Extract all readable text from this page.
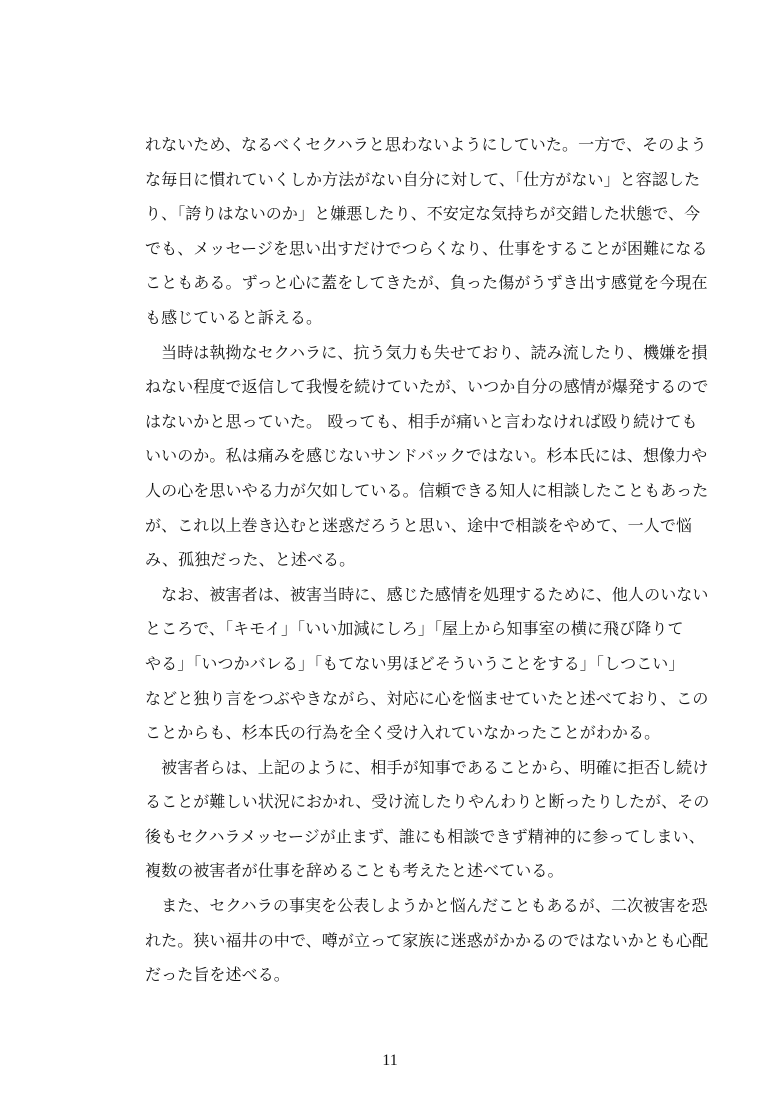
れないため、なるべくセクハラと思わないようにしていた。一方で、そのよう
な毎日に慣れていくしか方法がない自分に対して、「仕方がない」と容認した
り、「誇りはないのか」と嫌悪したり、不安定な気持ちが交錯した状態で、今
でも、メッセージを思い出すだけでつらくなり、仕事をすることが困難になる
こともある。ずっと心に蓋をしてきたが、負った傷がうずき出す感覚を今現在
も感じていると訴える。
　当時は執拗なセクハラに、抗う気力も失せており、読み流したり、機嫌を損
ねない程度で返信して我慢を続けていたが、いつか自分の感情が爆発するので
はないかと思っていた。 殴っても、相手が痛いと言わなければ殴り続けても
いいのか。私は痛みを感じないサンドバックではない。杉本氏には、想像力や
人の心を思いやる力が欠如している。信頼できる知人に相談したこともあった
が、これ以上巻き込むと迷惑だろうと思い、途中で相談をやめて、一人で悩
み、孤独だった、と述べる。
　なお、被害者は、被害当時に、感じた感情を処理するために、他人のいない
ところで、「キモイ」「いい加減にしろ」「屋上から知事室の横に飛び降りて
やる」「いつかバレる」「もてない男ほどそういうことをする」「しつこい」
などと独り言をつぶやきながら、対応に心を悩ませていたと述べており、この
ことからも、杉本氏の行為を全く受け入れていなかったことがわかる。
　被害者らは、上記のように、相手が知事であることから、明確に拒否し続け
ることが難しい状況におかれ、受け流したりやんわりと断ったりしたが、その
後もセクハラメッセージが止まず、誰にも相談できず精神的に参ってしまい、
複数の被害者が仕事を辞めることも考えたと述べている。
　また、セクハラの事実を公表しようかと悩んだこともあるが、二次被害を恐
れた。狭い福井の中で、噂が立って家族に迷惑がかかるのではないかとも心配
だった旨を述べる。
11
